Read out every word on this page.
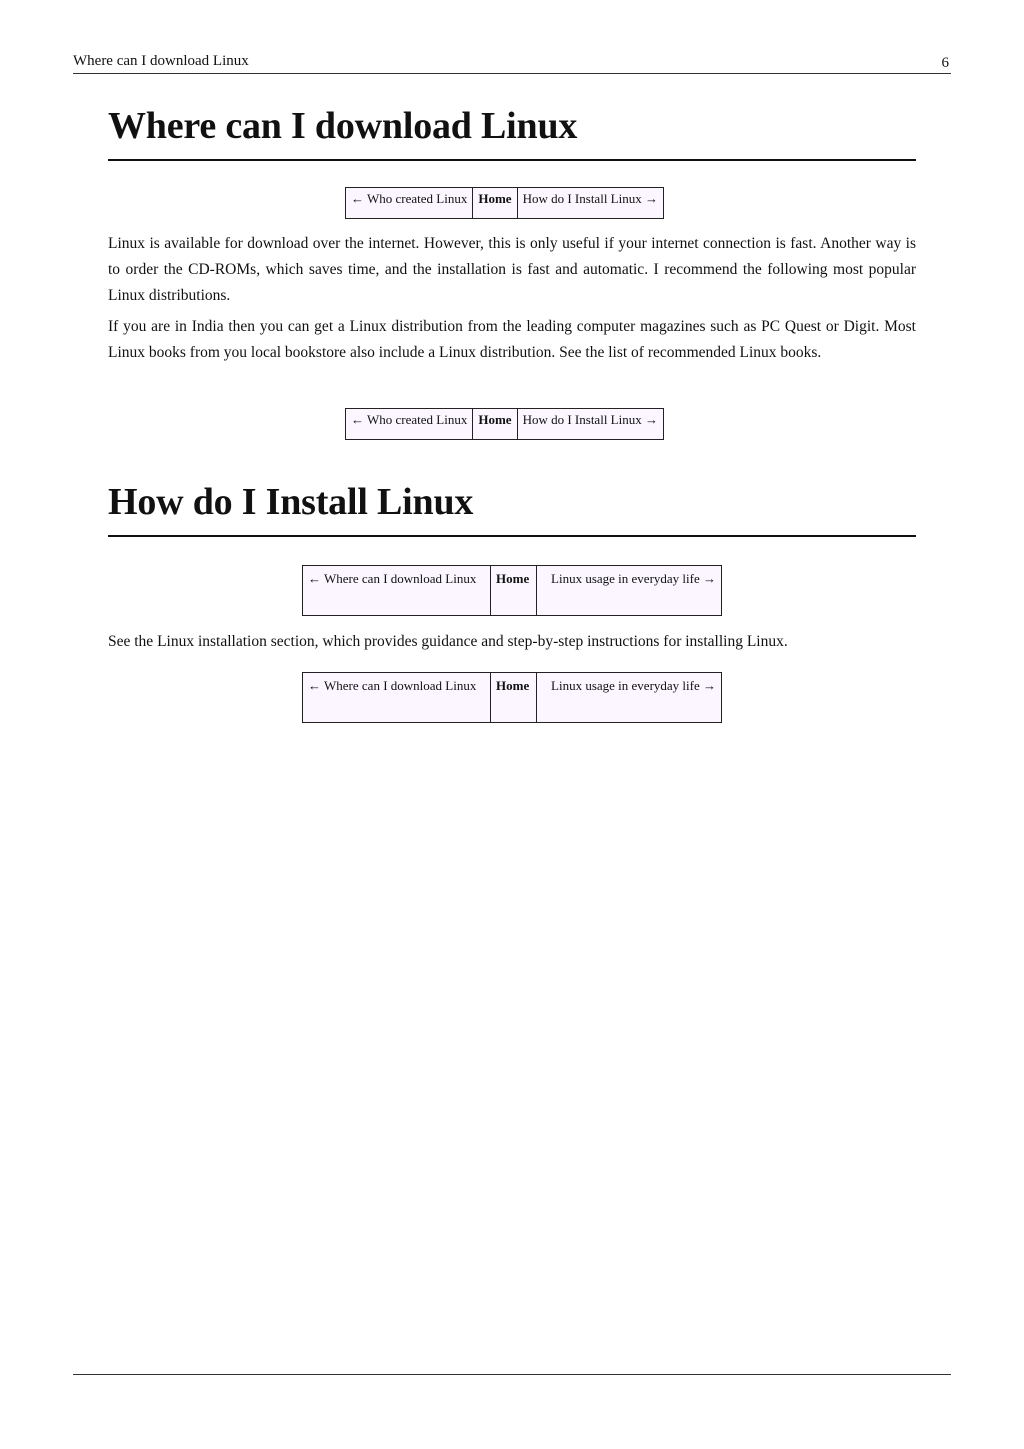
Where can I download Linux	6
Where can I download Linux
← Who created Linux	Home	How do I Install Linux →

Linux is available for download over the internet. However, this is only useful if your internet connection is fast. Another way is to order the CD-ROMs, which saves time, and the installation is fast and automatic. I recommend the following most popular Linux distributions.

If you are in India then you can get a Linux distribution from the leading computer magazines such as PC Quest or Digit. Most Linux books from you local bookstore also include a Linux distribution. See the list of recommended Linux books.

← Who created Linux	Home	How do I Install Linux →
How do I Install Linux
← Where can I download Linux	Home	Linux usage in everyday life →

See the Linux installation section, which provides guidance and step-by-step instructions for installing Linux.

← Where can I download Linux	Home	Linux usage in everyday life →
